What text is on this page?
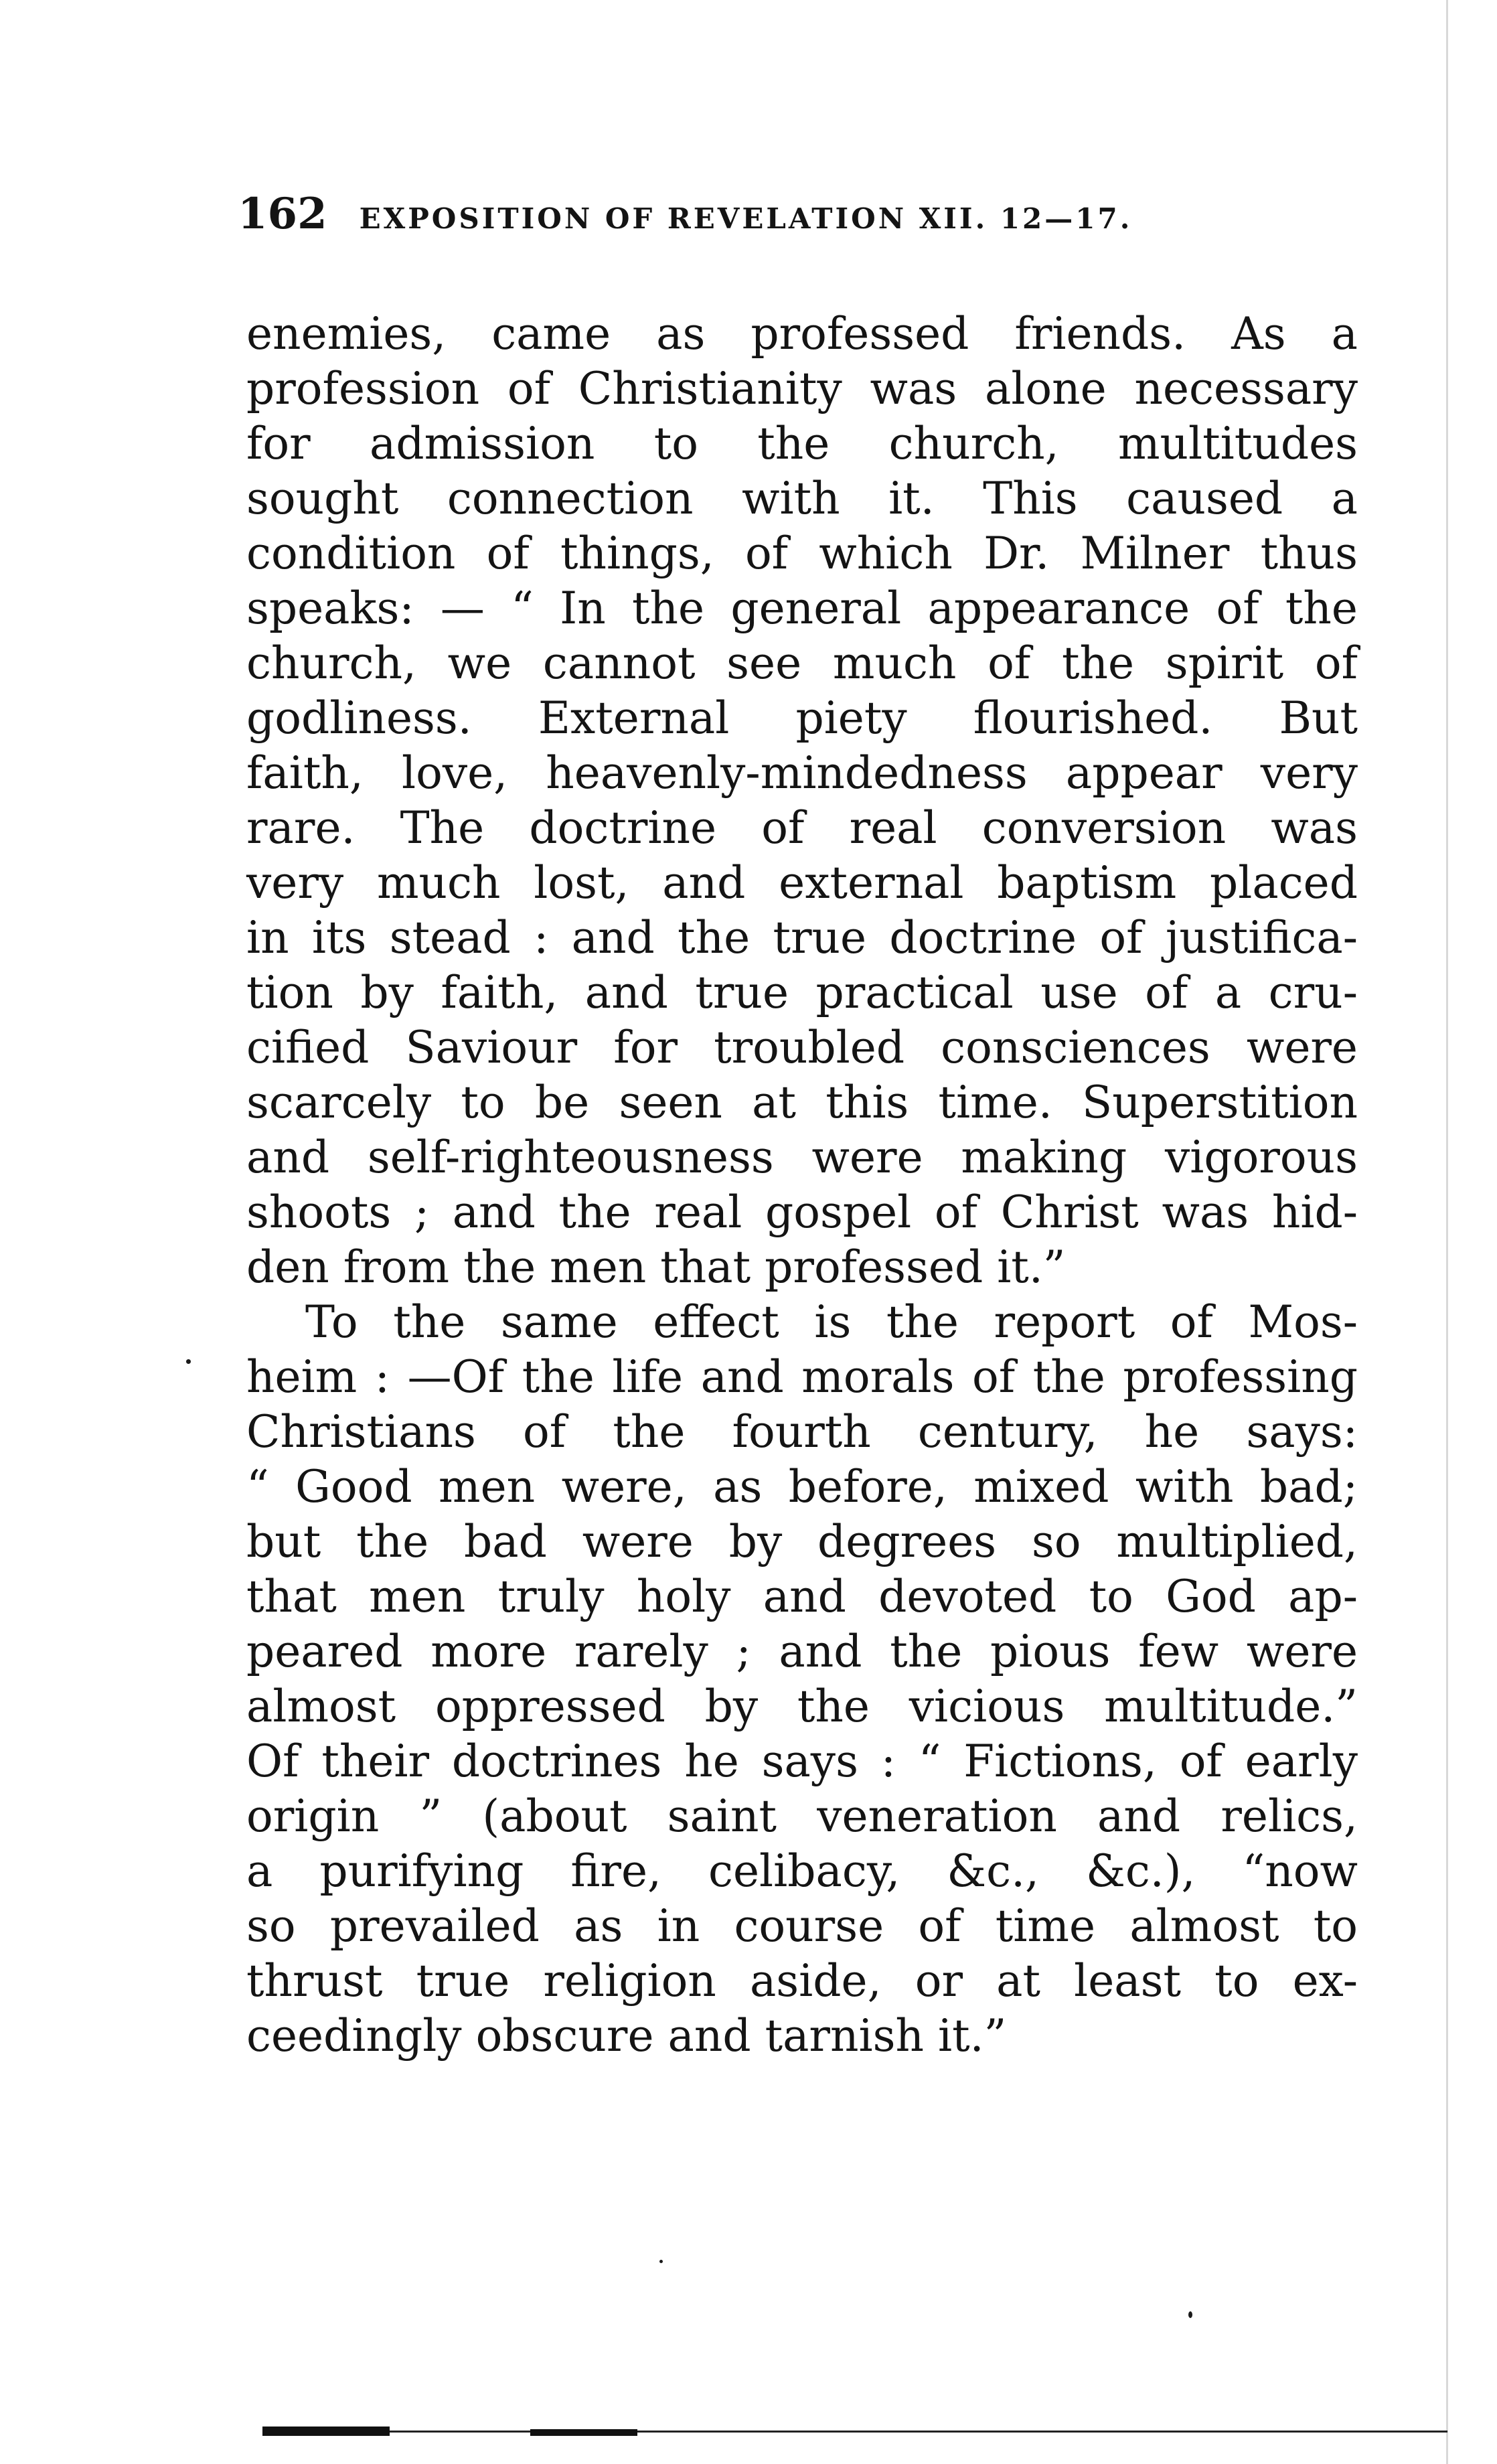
162 EXPOSITION OF REVELATION XII. 12—17.
enemies, came as professed friends. As a
profession of Christianity was alone necessary
for admission to the church, multitudes
sought connection with it. This caused a
condition of things, of which Dr. Milner thus
speaks: — “ In the general appearance of the
church, we cannot see much of the spirit of
godliness. External piety flourished. But
faith, love, heavenly-mindedness appear very
rare. The doctrine of real conversion was
very much lost, and external baptism placed
in its stead : and the true doctrine of justifica-
tion by faith, and true practical use of a cru-
cified Saviour for troubled consciences were
scarcely to be seen at this time. Superstition
and self-righteousness were making vigorous
shoots ; and the real gospel of Christ was hid-
den from the men that professed it.”
To the same effect is the report of Mos-
heim : —Of the life and morals of the professing
Christians of the fourth century, he says:
“ Good men were, as before, mixed with bad;
but the bad were by degrees so multiplied,
that men truly holy and devoted to God ap-
peared more rarely ; and the pious few were
almost oppressed by the vicious multitude.”
Of their doctrines he says : “ Fictions, of early
origin ” (about saint veneration and relics,
a purifying fire, celibacy, &c., &c.), “now
so prevailed as in course of time almost to
thrust true religion aside, or at least to ex-
ceedingly obscure and tarnish it.”
